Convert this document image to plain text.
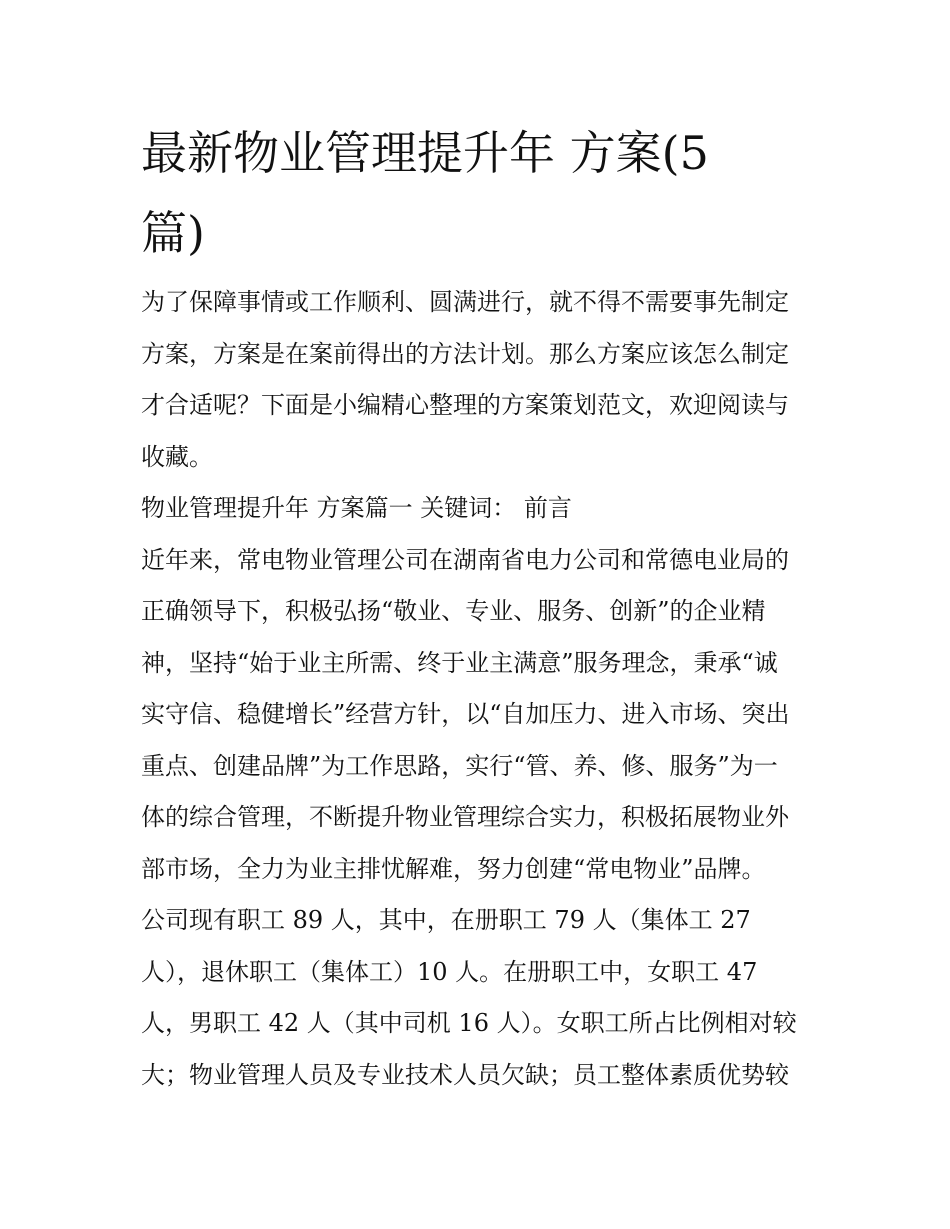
最新物业管理提升年 方案(5
篇)
为了保障事情或工作顺利、圆满进行，就不得不需要事先制定
方案，方案是在案前得出的方法计划。那么方案应该怎么制定
才合适呢？下面是小编精心整理的方案策划范文，欢迎阅读与
收藏。
物业管理提升年 方案篇一 关键词： 前言
近年来，常电物业管理公司在湖南省电力公司和常德电业局的
正确领导下，积极弘扬“敬业、专业、服务、创新”的企业精
神，坚持“始于业主所需、终于业主满意”服务理念，秉承“诚
实守信、稳健增长”经营方针，以“自加压力、进入市场、突出
重点、创建品牌”为工作思路，实行“管、养、修、服务”为一
体的综合管理，不断提升物业管理综合实力，积极拓展物业外
部市场，全力为业主排忧解难，努力创建“常电物业”品牌。
公司现有职工 89 人，其中，在册职工 79 人（集体工 27
人），退休职工（集体工）10 人。在册职工中，女职工 47
人，男职工 42 人（其中司机 16 人）。女职工所占比例相对较
大；物业管理人员及专业技术人员欠缺；员工整体素质优势较
